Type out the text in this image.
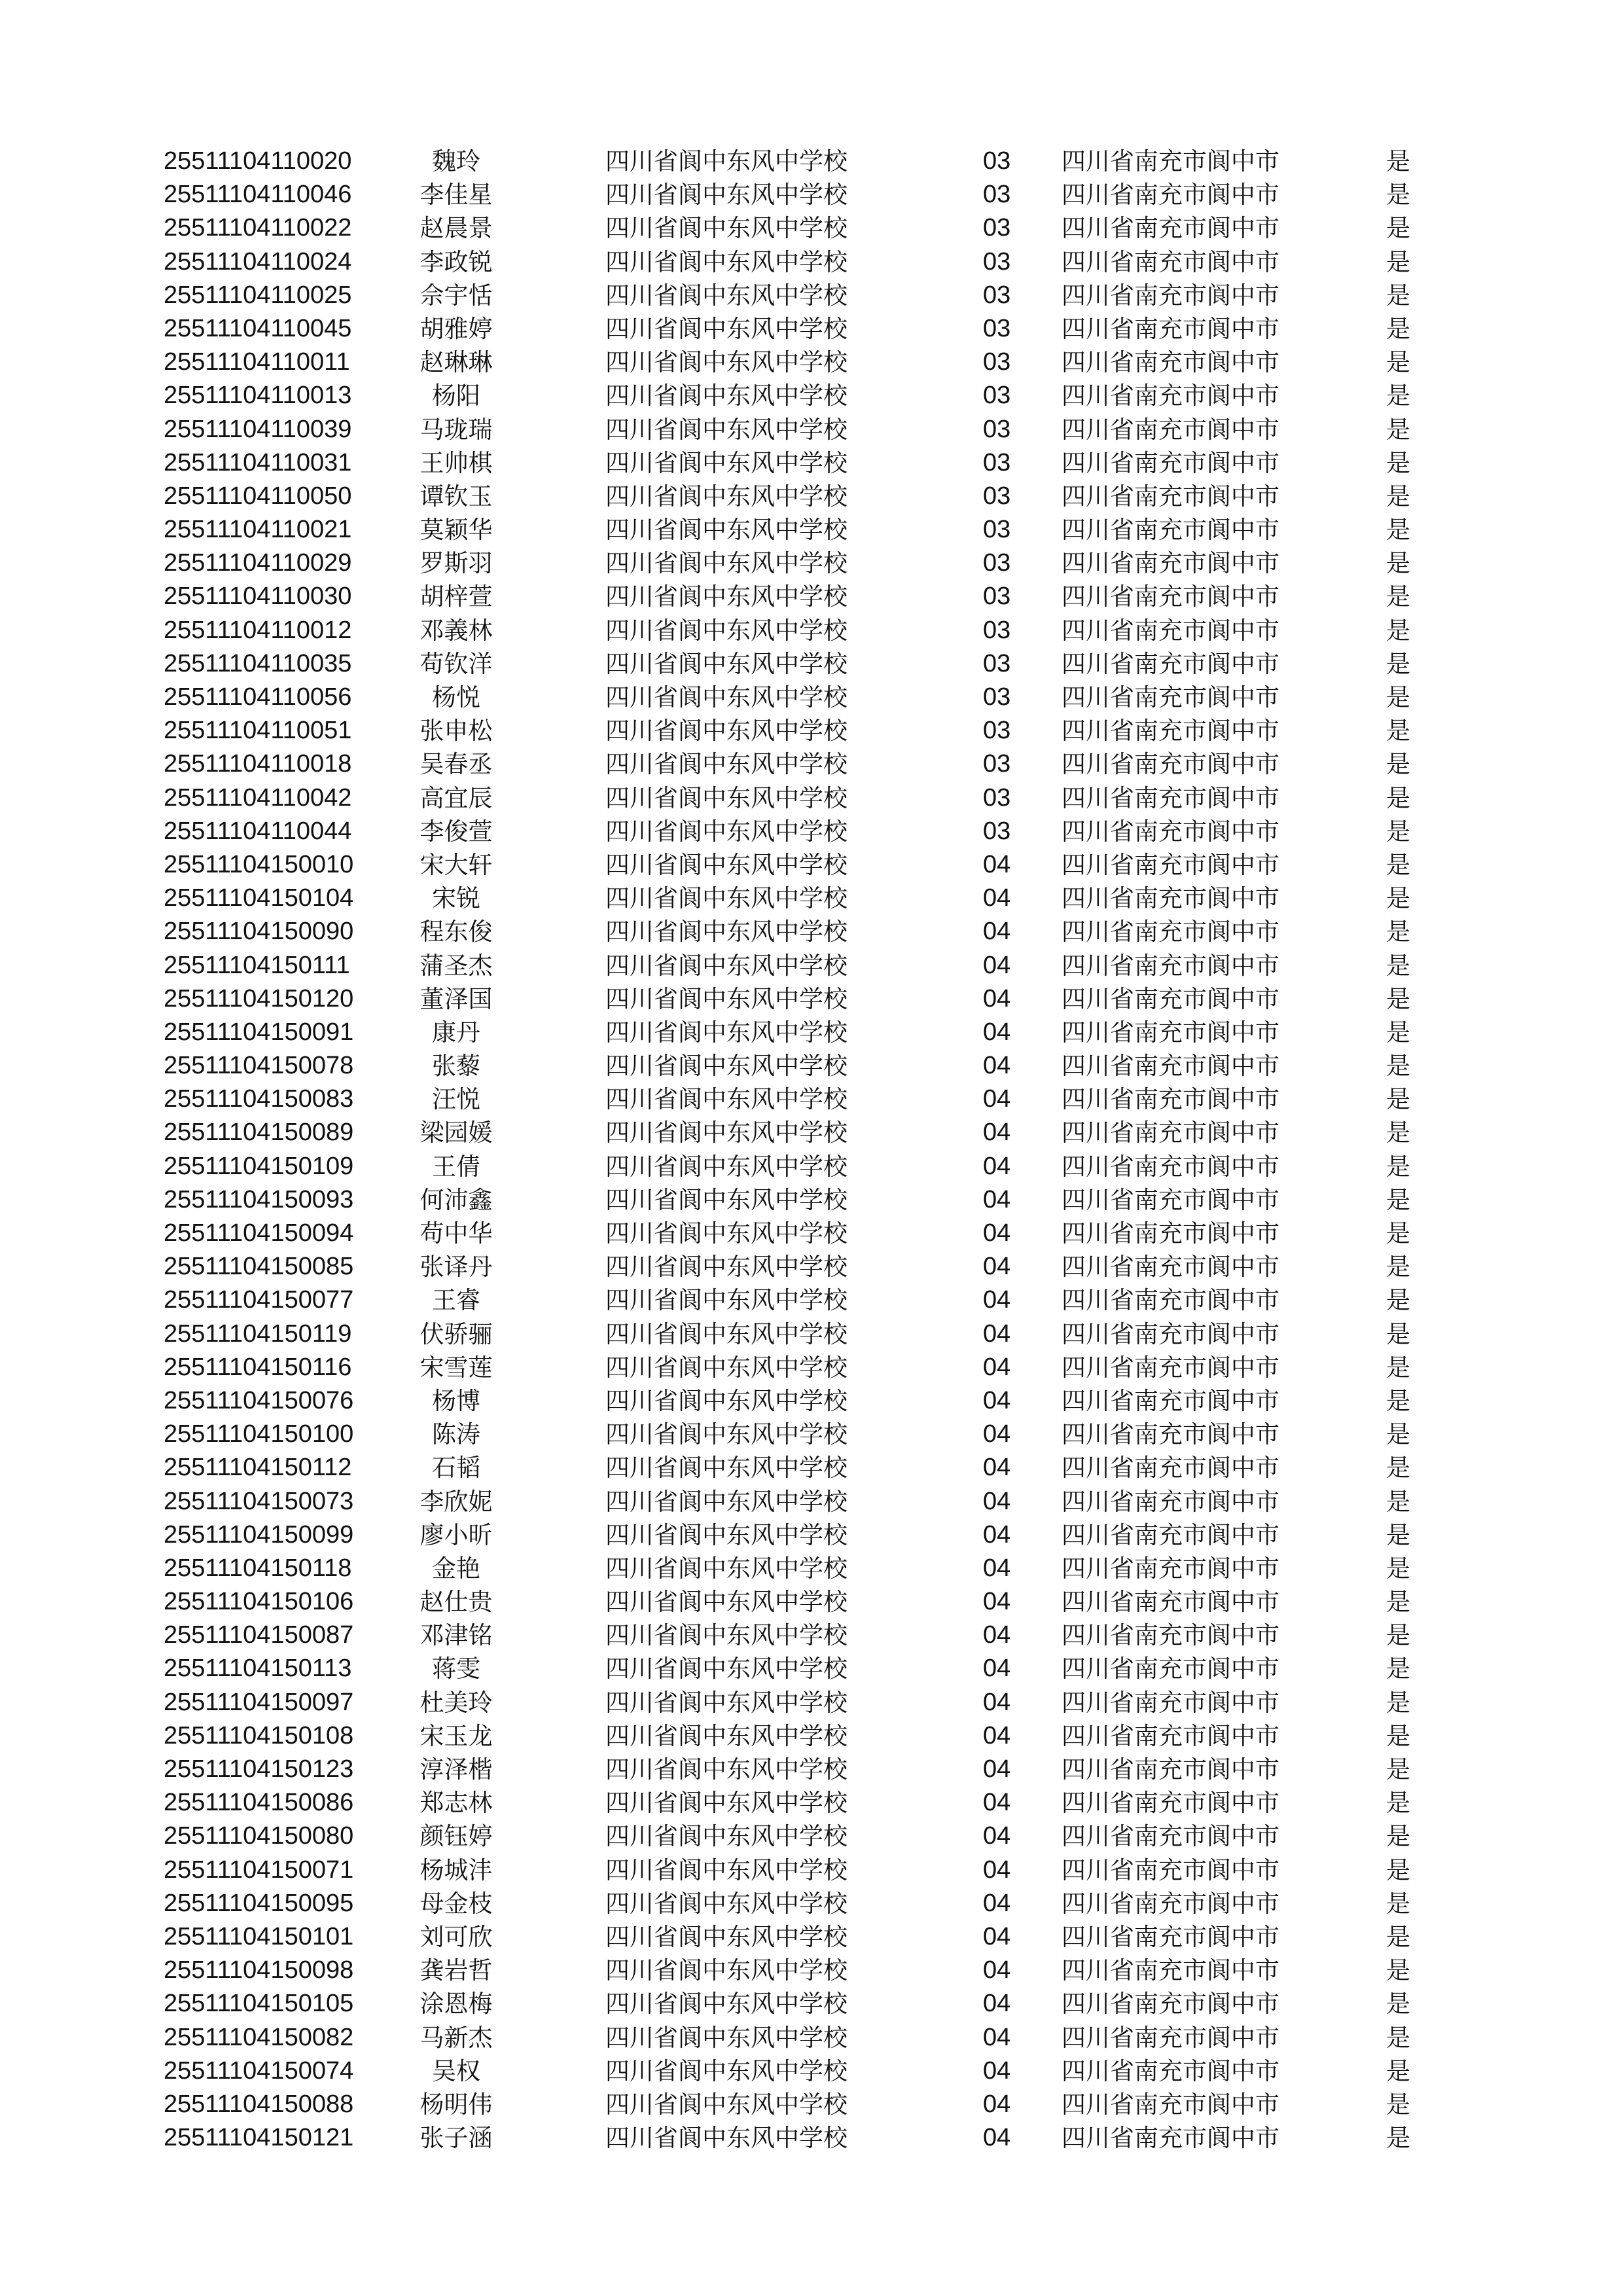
25511104110020	魏玲	四川省阆中东风中学校	03 四川省南充市阆中市	是
25511104110046	李佳星	四川省阆中东风中学校	03 四川省南充市阆中市	是
25511104110022	赵晨景	四川省阆中东风中学校	03 四川省南充市阆中市	是
25511104110024	李政锐	四川省阆中东风中学校	03 四川省南充市阆中市	是
25511104110025	佘宇恬	四川省阆中东风中学校	03 四川省南充市阆中市	是
25511104110045	胡雅婷	四川省阆中东风中学校	03 四川省南充市阆中市	是
25511104110011	赵琳琳	四川省阆中东风中学校	03 四川省南充市阆中市	是
25511104110013	杨阳	四川省阆中东风中学校	03 四川省南充市阆中市	是
25511104110039	马珑瑞	四川省阆中东风中学校	03 四川省南充市阆中市	是
25511104110031	王帅棋	四川省阆中东风中学校	03 四川省南充市阆中市	是
25511104110050	谭钦玉	四川省阆中东风中学校	03 四川省南充市阆中市	是
25511104110021	莫颖华	四川省阆中东风中学校	03 四川省南充市阆中市	是
25511104110029	罗斯羽	四川省阆中东风中学校	03 四川省南充市阆中市	是
25511104110030	胡梓萱	四川省阆中东风中学校	03 四川省南充市阆中市	是
25511104110012	邓義林	四川省阆中东风中学校	03 四川省南充市阆中市	是
25511104110035	苟钦洋	四川省阆中东风中学校	03 四川省南充市阆中市	是
25511104110056	杨悦	四川省阆中东风中学校	03 四川省南充市阆中市	是
25511104110051	张申松	四川省阆中东风中学校	03 四川省南充市阆中市	是
25511104110018	吴春丞	四川省阆中东风中学校	03 四川省南充市阆中市	是
25511104110042	高宜辰	四川省阆中东风中学校	03 四川省南充市阆中市	是
25511104110044	李俊萱	四川省阆中东风中学校	03 四川省南充市阆中市	是
25511104150010	宋大轩	四川省阆中东风中学校	04 四川省南充市阆中市	是
25511104150104	宋锐	四川省阆中东风中学校	04 四川省南充市阆中市	是
25511104150090	程东俊	四川省阆中东风中学校	04 四川省南充市阆中市	是
25511104150111	蒲圣杰	四川省阆中东风中学校	04 四川省南充市阆中市	是
25511104150120	董泽国	四川省阆中东风中学校	04 四川省南充市阆中市	是
25511104150091	康丹	四川省阆中东风中学校	04 四川省南充市阆中市	是
25511104150078	张藜	四川省阆中东风中学校	04 四川省南充市阆中市	是
25511104150083	汪悦	四川省阆中东风中学校	04 四川省南充市阆中市	是
25511104150089	梁园媛	四川省阆中东风中学校	04 四川省南充市阆中市	是
25511104150109	王倩	四川省阆中东风中学校	04 四川省南充市阆中市	是
25511104150093	何沛鑫	四川省阆中东风中学校	04 四川省南充市阆中市	是
25511104150094	苟中华	四川省阆中东风中学校	04 四川省南充市阆中市	是
25511104150085	张译丹	四川省阆中东风中学校	04 四川省南充市阆中市	是
25511104150077	王睿	四川省阆中东风中学校	04 四川省南充市阆中市	是
25511104150119	伏骄骊	四川省阆中东风中学校	04 四川省南充市阆中市	是
25511104150116	宋雪莲	四川省阆中东风中学校	04 四川省南充市阆中市	是
25511104150076	杨博	四川省阆中东风中学校	04 四川省南充市阆中市	是
25511104150100	陈涛	四川省阆中东风中学校	04 四川省南充市阆中市	是
25511104150112	石韬	四川省阆中东风中学校	04 四川省南充市阆中市	是
25511104150073	李欣妮	四川省阆中东风中学校	04 四川省南充市阆中市	是
25511104150099	廖小昕	四川省阆中东风中学校	04 四川省南充市阆中市	是
25511104150118	金艳	四川省阆中东风中学校	04 四川省南充市阆中市	是
25511104150106	赵仕贵	四川省阆中东风中学校	04 四川省南充市阆中市	是
25511104150087	邓津铭	四川省阆中东风中学校	04 四川省南充市阆中市	是
25511104150113	蒋雯	四川省阆中东风中学校	04 四川省南充市阆中市	是
25511104150097	杜美玲	四川省阆中东风中学校	04 四川省南充市阆中市	是
25511104150108	宋玉龙	四川省阆中东风中学校	04 四川省南充市阆中市	是
25511104150123	淳泽楷	四川省阆中东风中学校	04 四川省南充市阆中市	是
25511104150086	郑志林	四川省阆中东风中学校	04 四川省南充市阆中市	是
25511104150080	颜钰婷	四川省阆中东风中学校	04 四川省南充市阆中市	是
25511104150071	杨城沣	四川省阆中东风中学校	04 四川省南充市阆中市	是
25511104150095	母金枝	四川省阆中东风中学校	04 四川省南充市阆中市	是
25511104150101	刘可欣	四川省阆中东风中学校	04 四川省南充市阆中市	是
25511104150098	龚岩哲	四川省阆中东风中学校	04 四川省南充市阆中市	是
25511104150105	涂恩梅	四川省阆中东风中学校	04 四川省南充市阆中市	是
25511104150082	马新杰	四川省阆中东风中学校	04 四川省南充市阆中市	是
25511104150074	吴权	四川省阆中东风中学校	04 四川省南充市阆中市	是
25511104150088	杨明伟	四川省阆中东风中学校	04 四川省南充市阆中市	是
25511104150121	张子涵	四川省阆中东风中学校	04 四川省南充市阆中市	是
